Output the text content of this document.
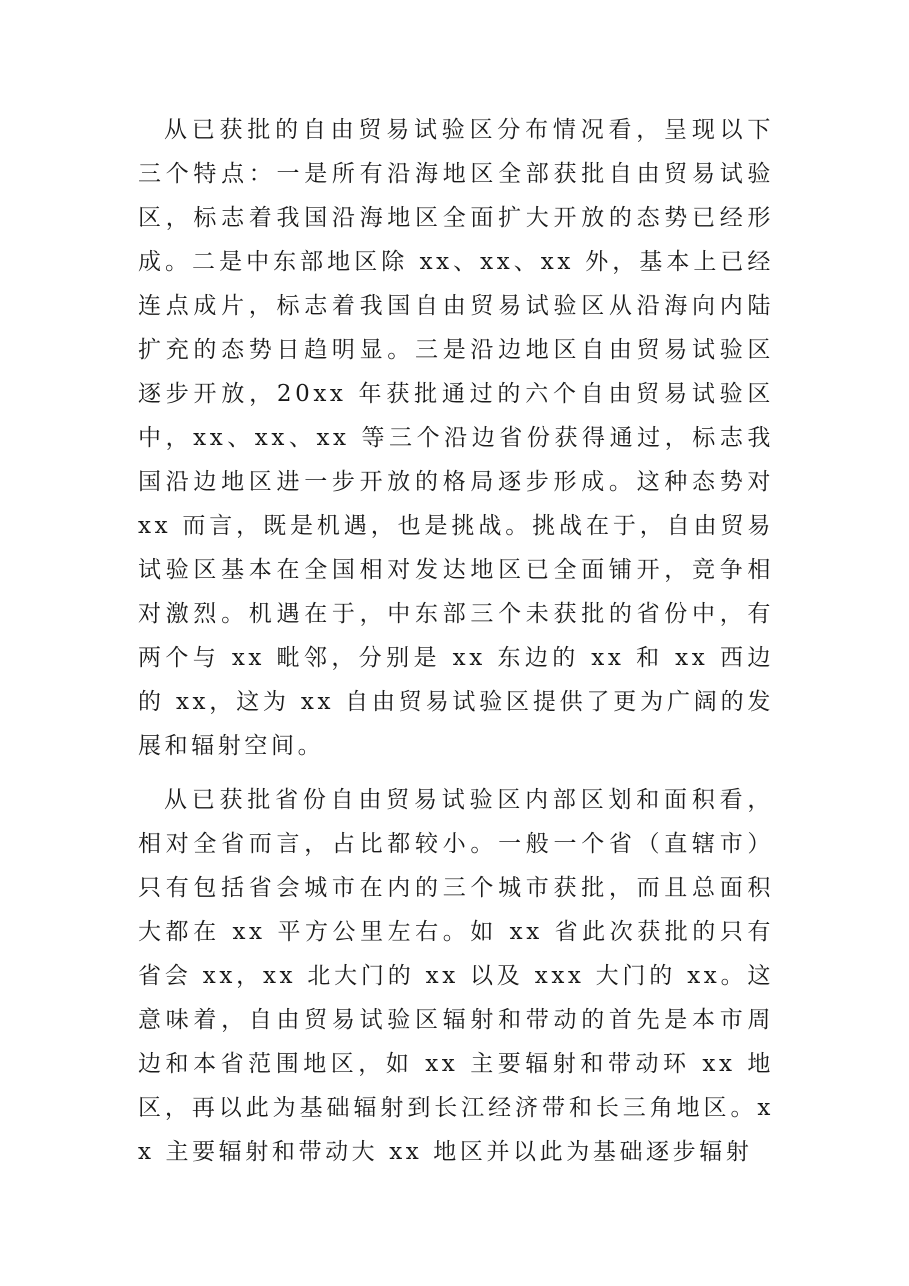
从已获批的自由贸易试验区分布情况看，呈现以下三个特点：一是所有沿海地区全部获批自由贸易试验区，标志着我国沿海地区全面扩大开放的态势已经形成。二是中东部地区除 xx、xx、xx 外，基本上已经连点成片，标志着我国自由贸易试验区从沿海向内陆扩充的态势日趋明显。三是沿边地区自由贸易试验区逐步开放，20xx 年获批通过的六个自由贸易试验区中，xx、xx、xx 等三个沿边省份获得通过，标志我国沿边地区进一步开放的格局逐步形成。这种态势对 xx 而言，既是机遇，也是挑战。挑战在于，自由贸易试验区基本在全国相对发达地区已全面铺开，竞争相对激烈。机遇在于，中东部三个未获批的省份中，有两个与 xx 毗邻，分别是 xx 东边的 xx 和 xx 西边的 xx，这为 xx 自由贸易试验区提供了更为广阔的发展和辐射空间。

从已获批省份自由贸易试验区内部区划和面积看，相对全省而言，占比都较小。一般一个省（直辖市）只有包括省会城市在内的三个城市获批，而且总面积大都在 xx 平方公里左右。如 xx 省此次获批的只有省会 xx，xx 北大门的 xx 以及 xxx 大门的 xx。这意味着，自由贸易试验区辐射和带动的首先是本市周边和本省范围地区，如 xx 主要辐射和带动环 xx 地区，再以此为基础辐射到长江经济带和长三角地区。xx 主要辐射和带动大 xx 地区并以此为基础逐步辐射
